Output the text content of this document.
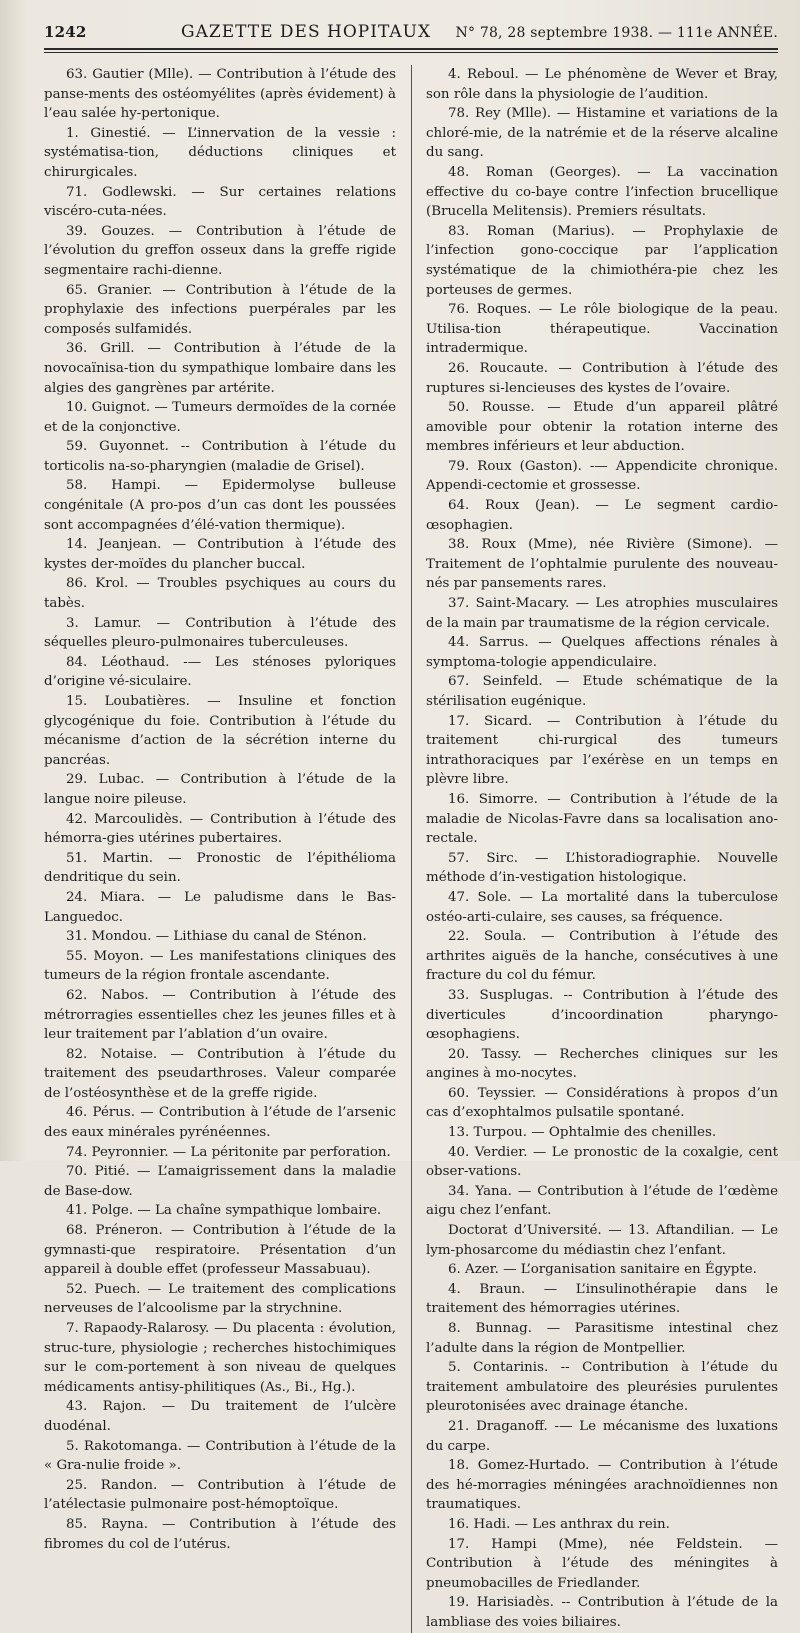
1242	GAZETTE DES HOPITAUX N° 78, 28 septembre 1938. — 111e ANNÉE.

63. Gautier (Mlle). — Contribution à l’étude des panse-ments des ostéomyélites (après évidement) à l’eau salée hy-pertonique.

1. Ginestié. — L’innervation de la vessie : systématisa-tion, déductions cliniques et chirurgicales.

71. Godlewski. — Sur certaines relations viscéro-cuta-nées.

39. Gouzes. — Contribution à l’étude de l’évolution du greffon osseux dans la greffe rigide segmentaire rachi-dienne.

65. Granier. — Contribution à l’étude de la prophylaxie des infections puerpérales par les composés sulfamidés.

36. Grill. — Contribution à l’étude de la novocaïnisa-tion du sympathique lombaire dans les algies des gangrènes par artérite.

10. Guignot. — Tumeurs dermoïdes de la cornée et de la conjonctive.

59. Guyonnet. -- Contribution à l’étude du torticolis na-so-pharyngien (maladie de Grisel).

58. Hampi. — Epidermolyse bulleuse congénitale (A pro-pos d’un cas dont les poussées sont accompagnées d’élé-vation thermique).

14. Jeanjean. — Contribution à l’étude des kystes der-moïdes du plancher buccal.

86. Krol. — Troubles psychiques au cours du tabès.

3. Lamur. — Contribution à l’étude des séquelles pleuro-pulmonaires tuberculeuses.

84. Léothaud. -— Les sténoses pyloriques d’origine vé-siculaire.

15. Loubatières. — Insuline et fonction glycogénique du foie. Contribution à l’étude du mécanisme d’action de la sécrétion interne du pancréas.

29. Lubac. — Contribution à l’étude de la langue noire pileuse.

42. Marcoulidès. — Contribution à l’étude des hémorra-gies utérines pubertaires.

51. Martin. — Pronostic de l’épithélioma dendritique du sein.

24. Miara. — Le paludisme dans le Bas-Languedoc.

31. Mondou. — Lithiase du canal de Sténon.

55. Moyon. — Les manifestations cliniques des tumeurs de la région frontale ascendante.

62. Nabos. — Contribution à l’étude des métrorragies essentielles chez les jeunes filles et à leur traitement par l’ablation d’un ovaire.

82. Notaise. — Contribution à l’étude du traitement des pseudarthroses. Valeur comparée de l’ostéosynthèse et de la greffe rigide.

46. Pérus. — Contribution à l’étude de l’arsenic des eaux minérales pyrénéennes.

74. Peyronnier. — La péritonite par perforation.

70. Pitié. — L’amaigrissement dans la maladie de Base-dow.

41. Polge. — La chaîne sympathique lombaire.

68. Préneron. — Contribution à l’étude de la gymnasti-que respiratoire. Présentation d’un appareil à double effet (professeur Massabuau).

52. Puech. — Le traitement des complications nerveuses de l’alcoolisme par la strychnine.

7. Rapaody-Ralarosy. — Du placenta : évolution, struc-ture, physiologie ; recherches histochimiques sur le com-portement à son niveau de quelques médicaments antisy-philitiques (As., Bi., Hg.).

43. Rajon. — Du traitement de l’ulcère duodénal.

5. Rakotomanga. — Contribution à l’étude de la « Gra-nulie froide ».

25. Randon. — Contribution à l’étude de l’atélectasie pulmonaire post-hémoptoïque.

85. Rayna. — Contribution à l’étude des fibromes du col de l’utérus.

4. Reboul. — Le phénomène de Wever et Bray, son rôle dans la physiologie de l’audition.

78. Rey (Mlle). — Histamine et variations de la chloré-mie, de la natrémie et de la réserve alcaline du sang.

48. Roman (Georges). — La vaccination effective du co-baye contre l’infection brucellique (Brucella Melitensis). Premiers résultats.

83. Roman (Marius). — Prophylaxie de l’infection gono-coccique par l’application systématique de la chimiothéra-pie chez les porteuses de germes.

76. Roques. — Le rôle biologique de la peau. Utilisa-tion thérapeutique. Vaccination intradermique.

26. Roucaute. — Contribution à l’étude des ruptures si-lencieuses des kystes de l’ovaire.

50. Rousse. — Etude d’un appareil plâtré amovible pour obtenir la rotation interne des membres inférieurs et leur abduction.

79. Roux (Gaston). -— Appendicite chronique. Appendi-cectomie et grossesse.

64. Roux (Jean). — Le segment cardio-œsophagien.

38. Roux (Mme), née Rivière (Simone). — Traitement de l’ophtalmie purulente des nouveau-nés par pansements rares.

37. Saint-Macary. — Les atrophies musculaires de la main par traumatisme de la région cervicale.

44. Sarrus. — Quelques affections rénales à symptoma-tologie appendiculaire.

67. Seinfeld. — Etude schématique de la stérilisation eugénique.

17. Sicard. — Contribution à l’étude du traitement chi-rurgical des tumeurs intrathoraciques par l’exérèse en un temps en plèvre libre.

16. Simorre. — Contribution à l’étude de la maladie de Nicolas-Favre dans sa localisation ano-rectale.

57. Sirc. — L’historadiographie. Nouvelle méthode d’in-vestigation histologique.

47. Sole. — La mortalité dans la tuberculose ostéo-arti-culaire, ses causes, sa fréquence.

22. Soula. — Contribution à l’étude des arthrites aiguës de la hanche, consécutives à une fracture du col du fémur.

33. Susplugas. -- Contribution à l’étude des diverticules d’incoordination pharyngo-œsophagiens.

20. Tassy. — Recherches cliniques sur les angines à mo-nocytes.

60. Teyssier. — Considérations à propos d’un cas d’exophtalmos pulsatile spontané.

13. Turpou. — Ophtalmie des chenilles.

40. Verdier. — Le pronostic de la coxalgie, cent obser-vations.

34. Yana. — Contribution à l’étude de l’œdème aigu chez l’enfant.

Doctorat d’Université. — 13. Aftandilian. — Le lym-phosarcome du médiastin chez l’enfant.

6. Azer. — L’organisation sanitaire en Égypte.

4. Braun. — L’insulinothérapie dans le traitement des hémorragies utérines.

8. Bunnag. — Parasitisme intestinal chez l’adulte dans la région de Montpellier.

5. Contarinis. -- Contribution à l’étude du traitement ambulatoire des pleurésies purulentes pleurotonisées avec drainage étanche.

21. Draganoff. -— Le mécanisme des luxations du carpe.

18. Gomez-Hurtado. — Contribution à l’étude des hé-morragies méningées arachnoïdiennes non traumatiques.

16. Hadi. — Les anthrax du rein.

17. Hampi (Mme), née Feldstein. — Contribution à l’étude des méningites à pneumobacilles de Friedlander.

19. Harisiadès. -- Contribution à l’étude de la lambliase des voies biliaires.
